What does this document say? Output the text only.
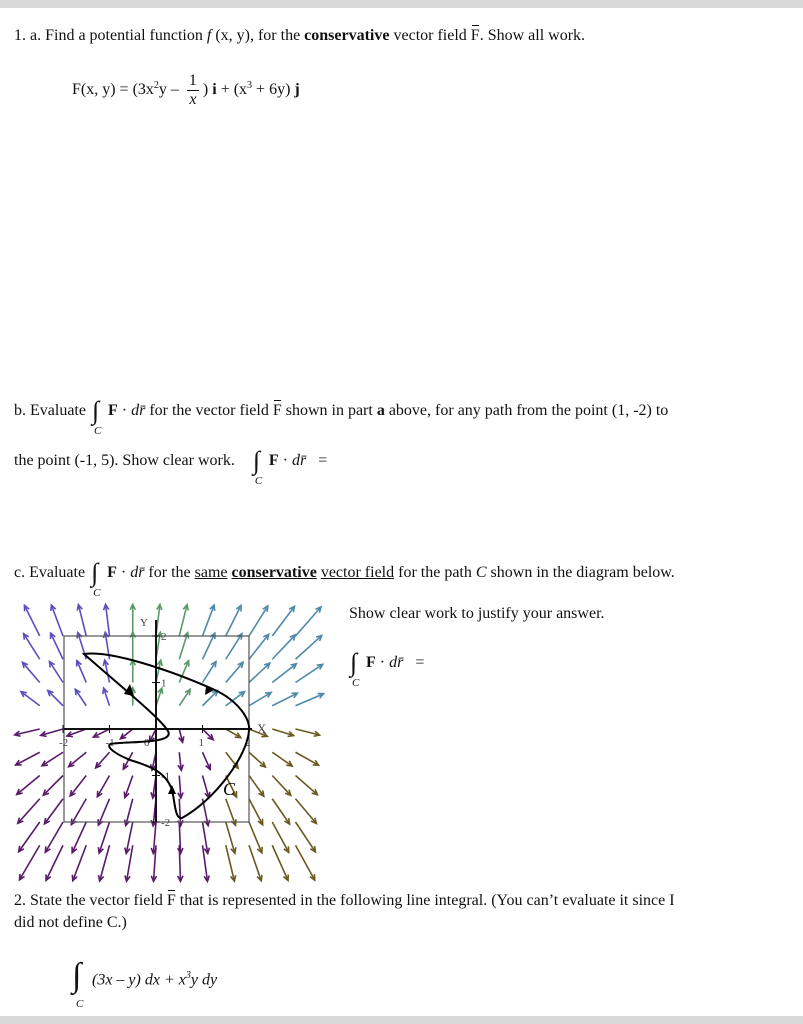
1. a. Find a potential function f (x, y), for the conservative vector field F. Show all work.
F(x, $y) = (3x^2y - \frac{1}{x}$ ) $i + (x^3 + 6y)$ j
b. Evaluate ∫
C
F · dr̄ for the vector field F shown in part a above, for any path from the point (1, -2) to
the point (-1, 5). Show clear work. ∫
C
F · dr̄ =
c. Evaluate ∫
C
F · dr̄ for the same conservative vector field for the path C shown in the diagram below.
Show clear work to justify your answer.
∫
C
F · dr̄ =
-2	-1	0	1	2
2
1
-1
-2
X
Y
C
2. State the vector field F that is represented in the following line integral. (You can’t evaluate it since I
did not define C.)
∫
C
(3x – y) dx + $x^3y$ dy
